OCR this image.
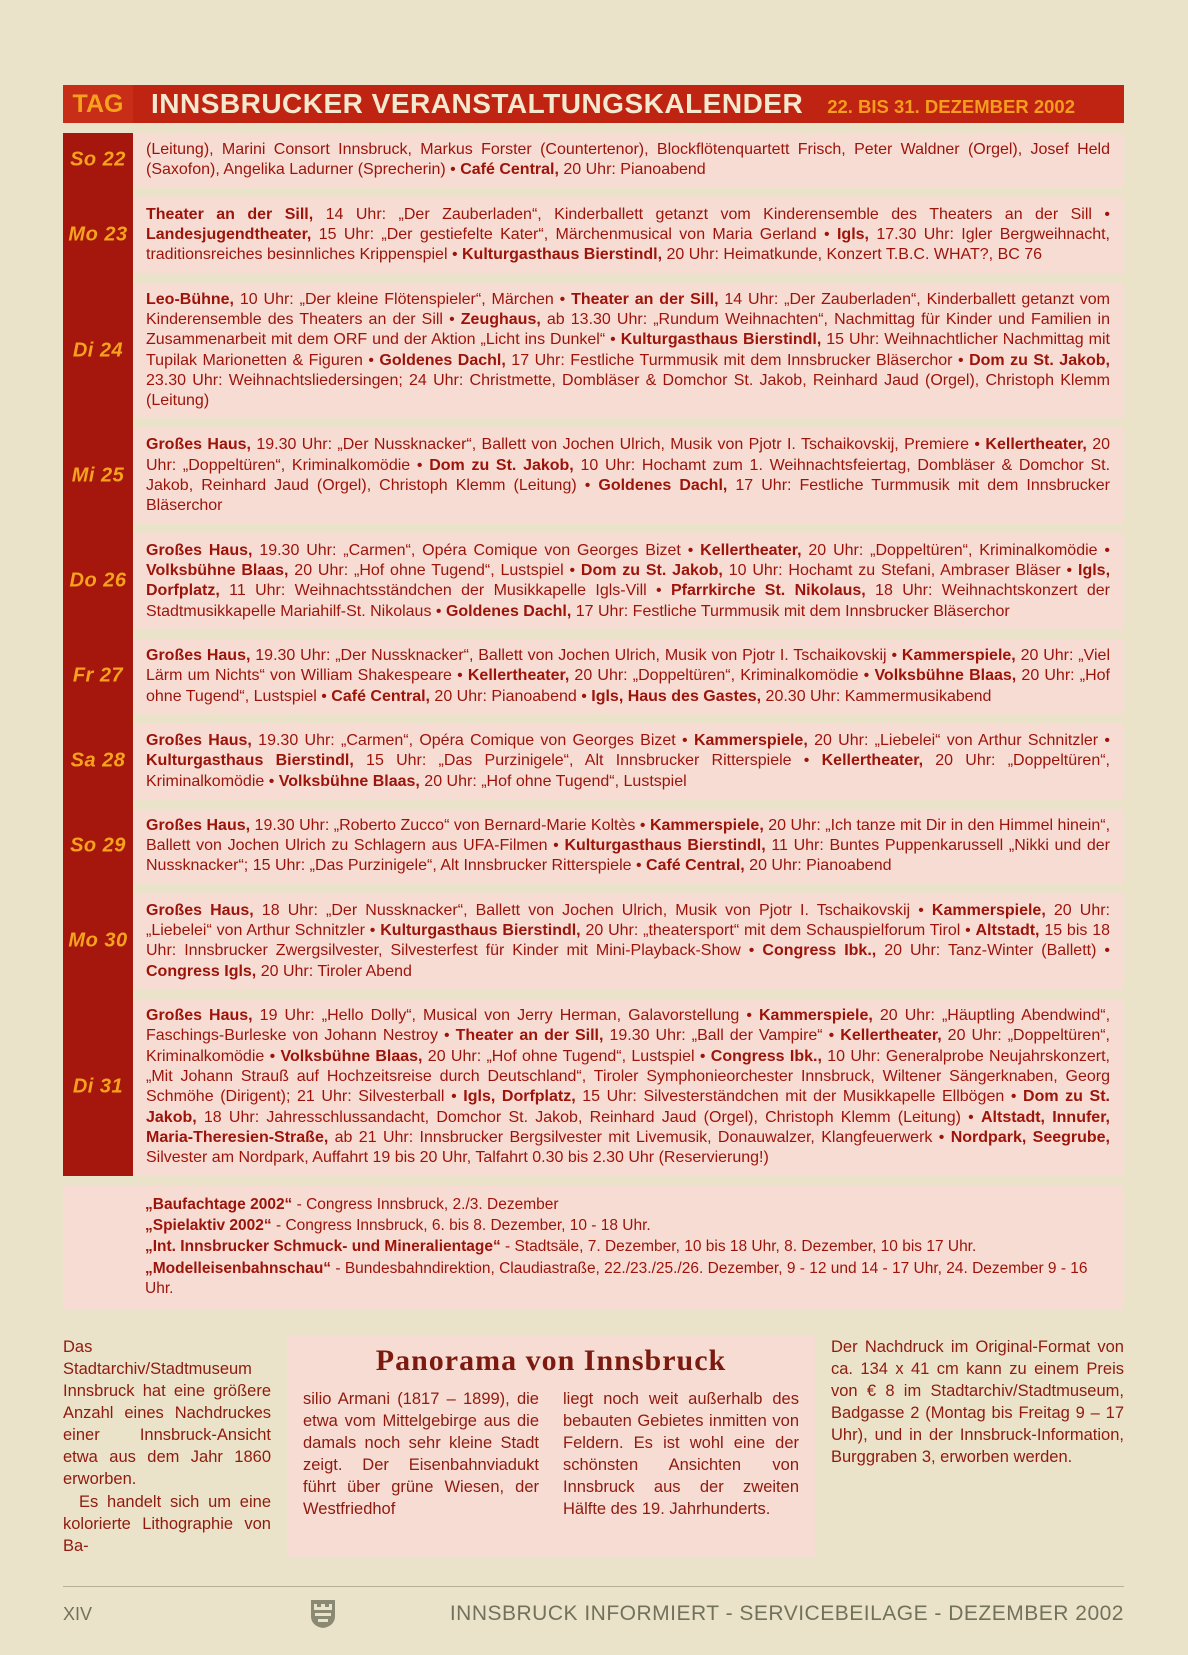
TAG INNSBRUCKER VERANSTALTUNGSKALENDER 22. BIS 31. DEZEMBER 2002
So 22	(Leitung), Marini Consort Innsbruck, Markus Forster (Countertenor), Blockflötenquartett Frisch, Peter Waldner (Orgel), Josef Held (Saxofon), Angelika Ladurner (Sprecherin) • Café Central, 20 Uhr: Pianoabend
Mo 23
Theater an der Sill, 14 Uhr: „Der Zauberladen“, Kinderballett getanzt vom Kinderensemble des Theaters an der Sill • Landesjugendtheater, 15 Uhr: „Der gestiefelte Kater“, Märchenmusical von Maria Gerland • Igls, 17.30 Uhr: Igler Bergweihnacht, traditionsreiches besinnliches Krippenspiel • Kulturgasthaus Bierstindl, 20 Uhr: Heimatkunde, Konzert T.B.C. WHAT?, BC 76
Di 24
Leo-Bühne, 10 Uhr: „Der kleine Flötenspieler“, Märchen • Theater an der Sill, 14 Uhr: „Der Zauberladen“, Kinderballett getanzt vom Kinderensemble des Theaters an der Sill • Zeughaus, ab 13.30 Uhr: „Rundum Weihnachten“, Nachmittag für Kinder und Familien in Zusammenarbeit mit dem ORF und der Aktion „Licht ins Dunkel“ • Kulturgasthaus Bierstindl, 15 Uhr: Weihnachtlicher Nachmittag mit Tupilak Marionetten & Figuren • Goldenes Dachl, 17 Uhr: Festliche Turmmusik mit dem Innsbrucker Bläserchor • Dom zu St. Jakob, 23.30 Uhr: Weihnachtsliedersingen; 24 Uhr: Christmette, Dombläser & Domchor St. Jakob, Reinhard Jaud (Orgel), Christoph Klemm (Leitung)
Mi 25
Großes Haus, 19.30 Uhr: „Der Nussknacker“, Ballett von Jochen Ulrich, Musik von Pjotr I. Tschaikovskij, Premiere • Kellertheater, 20 Uhr: „Doppeltüren“, Kriminalkomödie • Dom zu St. Jakob, 10 Uhr: Hochamt zum 1. Weihnachtsfeiertag, Dombläser & Domchor St. Jakob, Reinhard Jaud (Orgel), Christoph Klemm (Leitung) • Goldenes Dachl, 17 Uhr: Festliche Turmmusik mit dem Innsbrucker Bläserchor
Do 26
Großes Haus, 19.30 Uhr: „Carmen“, Opéra Comique von Georges Bizet • Kellertheater, 20 Uhr: „Doppeltüren“, Kriminalkomödie • Volksbühne Blaas, 20 Uhr: „Hof ohne Tugend“, Lustspiel • Dom zu St. Jakob, 10 Uhr: Hochamt zu Stefani, Ambraser Bläser • Igls, Dorfplatz, 11 Uhr: Weihnachtsständchen der Musikkapelle Igls-Vill • Pfarrkirche St. Nikolaus, 18 Uhr: Weihnachtskonzert der Stadtmusikkapelle Mariahilf-St. Nikolaus • Goldenes Dachl, 17 Uhr: Festliche Turmmusik mit dem Innsbrucker Bläserchor
Fr 27
Großes Haus, 19.30 Uhr: „Der Nussknacker“, Ballett von Jochen Ulrich, Musik von Pjotr I. Tschaikovskij • Kammerspiele, 20 Uhr: „Viel Lärm um Nichts“ von William Shakespeare • Kellertheater, 20 Uhr: „Doppeltüren“, Kriminalkomödie • Volksbühne Blaas, 20 Uhr: „Hof ohne Tugend“, Lustspiel • Café Central, 20 Uhr: Pianoabend • Igls, Haus des Gastes, 20.30 Uhr: Kammermusikabend
Sa 28
Großes Haus, 19.30 Uhr: „Carmen“, Opéra Comique von Georges Bizet • Kammerspiele, 20 Uhr: „Liebelei“ von Arthur Schnitzler • Kulturgasthaus Bierstindl, 15 Uhr: „Das Purzinigele“, Alt Innsbrucker Ritterspiele • Kellertheater, 20 Uhr: „Doppeltüren“, Kriminalkomödie • Volksbühne Blaas, 20 Uhr: „Hof ohne Tugend“, Lustspiel
So 29
Großes Haus, 19.30 Uhr: „Roberto Zucco“ von Bernard-Marie Koltès • Kammerspiele, 20 Uhr: „Ich tanze mit Dir in den Himmel hinein“, Ballett von Jochen Ulrich zu Schlagern aus UFA-Filmen • Kulturgasthaus Bierstindl, 11 Uhr: Buntes Puppenkarussell „Nikki und der Nussknacker“; 15 Uhr: „Das Purzinigele“, Alt Innsbrucker Ritterspiele • Café Central, 20 Uhr: Pianoabend
Mo 30
Großes Haus, 18 Uhr: „Der Nussknacker“, Ballett von Jochen Ulrich, Musik von Pjotr I. Tschaikovskij • Kammerspiele, 20 Uhr: „Liebelei“ von Arthur Schnitzler • Kulturgasthaus Bierstindl, 20 Uhr: „theatersport“ mit dem Schauspielforum Tirol • Altstadt, 15 bis 18 Uhr: Innsbrucker Zwergsilvester, Silvesterfest für Kinder mit Mini-Playback-Show • Congress Ibk., 20 Uhr: Tanz-Winter (Ballett) • Congress Igls, 20 Uhr: Tiroler Abend
Di 31
Großes Haus, 19 Uhr: „Hello Dolly“, Musical von Jerry Herman, Galavorstellung • Kammerspiele, 20 Uhr: „Häuptling Abendwind“, Faschings-Burleske von Johann Nestroy • Theater an der Sill, 19.30 Uhr: „Ball der Vampire“ • Kellertheater, 20 Uhr: „Doppeltüren“, Kriminalkomödie • Volksbühne Blaas, 20 Uhr: „Hof ohne Tugend“, Lustspiel • Congress Ibk., 10 Uhr: Generalprobe Neujahrskonzert, „Mit Johann Strauß auf Hochzeitsreise durch Deutschland“, Tiroler Symphonieorchester Innsbruck, Wiltener Sängerknaben, Georg Schmöhe (Dirigent); 21 Uhr: Silvesterball • Igls, Dorfplatz, 15 Uhr: Silvesterständchen mit der Musikkapelle Ellbögen • Dom zu St. Jakob, 18 Uhr: Jahresschlussandacht, Domchor St. Jakob, Reinhard Jaud (Orgel), Christoph Klemm (Leitung) • Altstadt, Innufer, Maria-Theresien-Straße, ab 21 Uhr: Innsbrucker Bergsilvester mit Livemusik, Donauwalzer, Klangfeuerwerk • Nordpark, Seegrube, Silvester am Nordpark, Auffahrt 19 bis 20 Uhr, Talfahrt 0.30 bis 2.30 Uhr (Reservierung!)

„Baufachtage 2002“ - Congress Innsbruck, 2./3. Dezember

„Spielaktiv 2002“ - Congress Innsbruck, 6. bis 8. Dezember, 10 - 18 Uhr.

„Int. Innsbrucker Schmuck- und Mineralientage“ - Stadtsäle, 7. Dezember, 10 bis 18 Uhr, 8. Dezember, 10 bis 17 Uhr.

„Modelleisenbahnschau“ - Bundesbahndirektion, Claudiastraße, 22./23./25./26. Dezember, 9 - 12 und 14 - 17 Uhr, 24. Dezember 9 - 16 Uhr.

Das Stadtarchiv/Stadtmuseum Innsbruck hat eine größere Anzahl eines Nachdruckes einer Innsbruck-Ansicht etwa aus dem Jahr 1860 erworben.

Es handelt sich um eine kolorierte Lithographie von Ba-

Panorama von Innsbruck

silio Armani (1817 – 1899), die etwa vom Mittelgebirge aus die damals noch sehr kleine Stadt zeigt. Der Eisenbahnviadukt führt über grüne Wiesen, der Westfriedhof

liegt noch weit außerhalb des bebauten Gebietes inmitten von Feldern. Es ist wohl eine der schönsten Ansichten von Innsbruck aus der zweiten Hälfte des 19. Jahrhunderts.

Der Nachdruck im Original-Format von ca. 134 x 41 cm kann zu einem Preis von € 8 im Stadtarchiv/Stadtmuseum, Badgasse 2 (Montag bis Freitag 9 – 17 Uhr), und in der Innsbruck-Information, Burggraben 3, erworben werden.

XIV	INNSBRUCK INFORMIERT - SERVICEBEILAGE - DEZEMBER 2002
